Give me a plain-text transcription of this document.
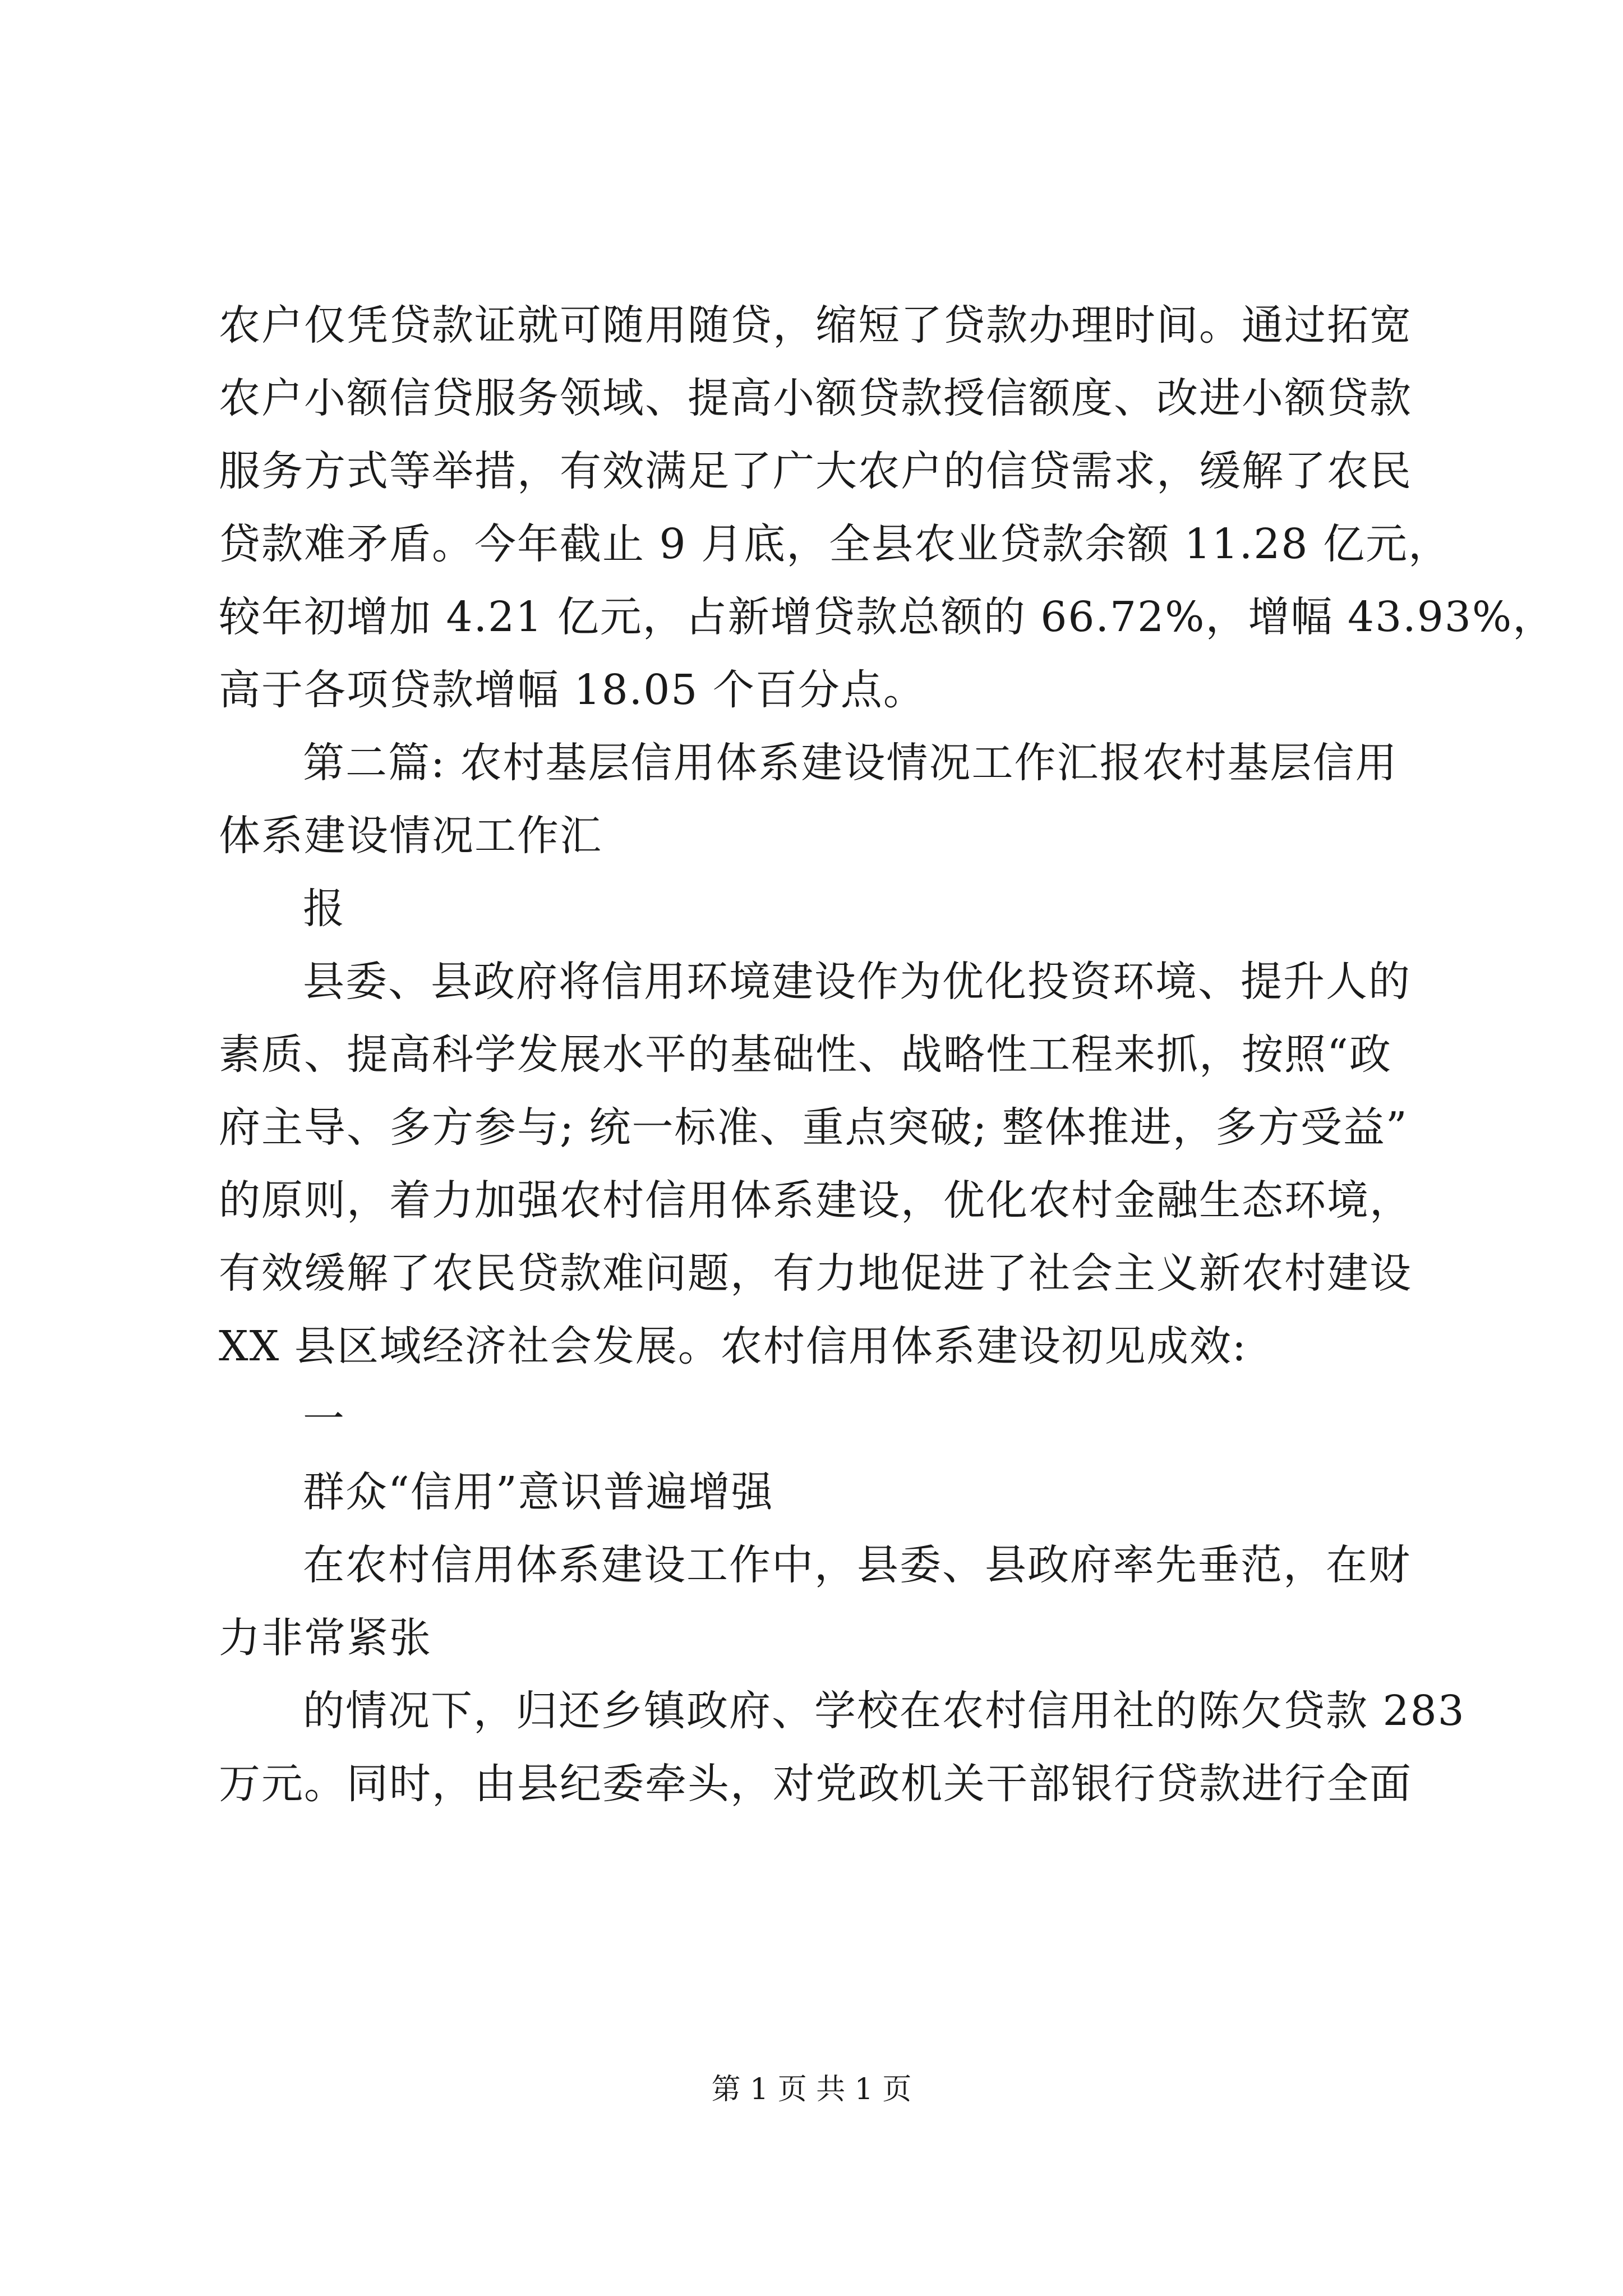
农户仅凭贷款证就可随用随贷，缩短了贷款办理时间。通过拓宽
农户小额信贷服务领域、提高小额贷款授信额度、改进小额贷款
服务方式等举措，有效满足了广大农户的信贷需求，缓解了农民
贷款难矛盾。今年截止 9 月底，全县农业贷款余额 11.28 亿元，
较年初增加 4.21 亿元，占新增贷款总额的 66.72%，增幅 43.93%，
高于各项贷款增幅 18.05 个百分点。
第二篇: 农村基层信用体系建设情况工作汇报农村基层信用
体系建设情况工作汇
报
县委、县政府将信用环境建设作为优化投资环境、提升人的
素质、提高科学发展水平的基础性、战略性工程来抓，按照“政
府主导、多方参与; 统一标准、重点突破; 整体推进，多方受益”
的原则，着力加强农村信用体系建设，优化农村金融生态环境，
有效缓解了农民贷款难问题，有力地促进了社会主义新农村建设
XX 县区域经济社会发展。农村信用体系建设初见成效:
一
群众“信用”意识普遍增强
在农村信用体系建设工作中，县委、县政府率先垂范，在财
力非常紧张
的情况下，归还乡镇政府、学校在农村信用社的陈欠贷款 283
万元。同时，由县纪委牵头，对党政机关干部银行贷款进行全面
第 1 页 共 1 页
